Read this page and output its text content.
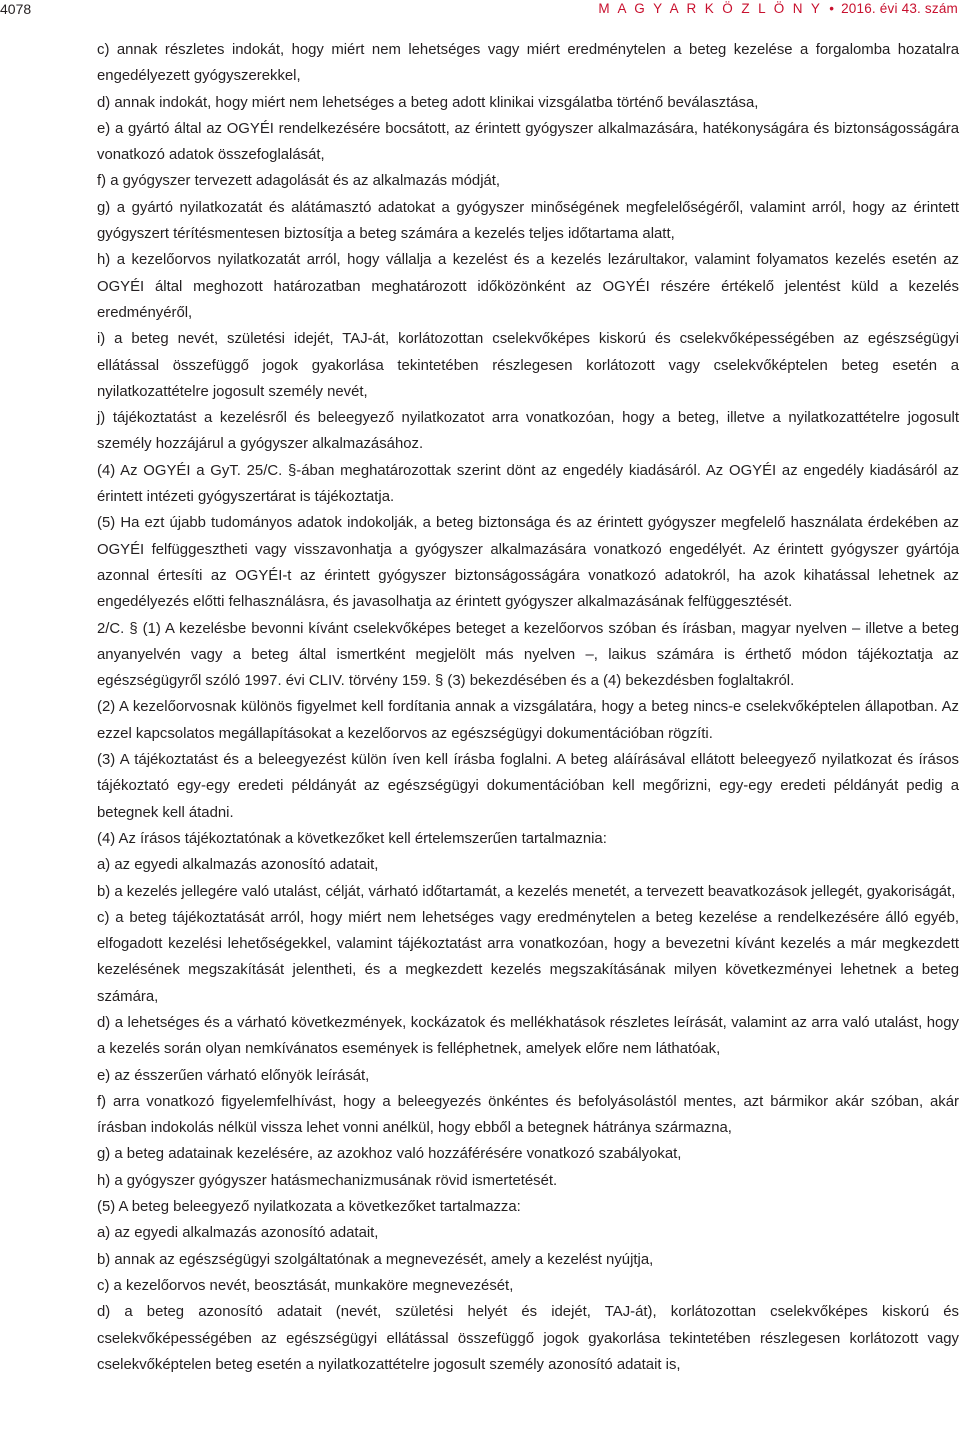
4078	M A G Y A R K Ö Z L Ö N Y • 2016. évi 43. szám

c) annak részletes indokát, hogy miért nem lehetséges vagy miért eredménytelen a beteg kezelése a forgalomba hozatalra engedélyezett gyógyszerekkel,

d) annak indokát, hogy miért nem lehetséges a beteg adott klinikai vizsgálatba történő beválasztása,

e) a gyártó által az OGYÉI rendelkezésére bocsátott, az érintett gyógyszer alkalmazására, hatékonyságára és biztonságosságára vonatkozó adatok összefoglalását,

f) a gyógyszer tervezett adagolását és az alkalmazás módját,

g) a gyártó nyilatkozatát és alátámasztó adatokat a gyógyszer minőségének megfelelőségéről, valamint arról, hogy az érintett gyógyszert térítésmentesen biztosítja a beteg számára a kezelés teljes időtartama alatt,

h) a kezelőorvos nyilatkozatát arról, hogy vállalja a kezelést és a kezelés lezárultakor, valamint folyamatos kezelés esetén az OGYÉI által meghozott határozatban meghatározott időközönként az OGYÉI részére értékelő jelentést küld a kezelés eredményéről,

i) a beteg nevét, születési idejét, TAJ-át, korlátozottan cselekvőképes kiskorú és cselekvőképességében az egészségügyi ellátással összefüggő jogok gyakorlása tekintetében részlegesen korlátozott vagy cselekvőképtelen beteg esetén a nyilatkozattételre jogosult személy nevét,

j) tájékoztatást a kezelésről és beleegyező nyilatkozatot arra vonatkozóan, hogy a beteg, illetve a nyilatkozattételre jogosult személy hozzájárul a gyógyszer alkalmazásához.

(4) Az OGYÉI a GyT. 25/C. §-ában meghatározottak szerint dönt az engedély kiadásáról. Az OGYÉI az engedély kiadásáról az érintett intézeti gyógyszertárat is tájékoztatja.

(5) Ha ezt újabb tudományos adatok indokolják, a beteg biztonsága és az érintett gyógyszer megfelelő használata érdekében az OGYÉI felfüggesztheti vagy visszavonhatja a gyógyszer alkalmazására vonatkozó engedélyét. Az érintett gyógyszer gyártója azonnal értesíti az OGYÉI-t az érintett gyógyszer biztonságosságára vonatkozó adatokról, ha azok kihatással lehetnek az engedélyezés előtti felhasználásra, és javasolhatja az érintett gyógyszer alkalmazásának felfüggesztését.

2/C. § (1) A kezelésbe bevonni kívánt cselekvőképes beteget a kezelőorvos szóban és írásban, magyar nyelven – illetve a beteg anyanyelvén vagy a beteg által ismertként megjelölt más nyelven –, laikus számára is érthető módon tájékoztatja az egészségügyről szóló 1997. évi CLIV. törvény 159. § (3) bekezdésében és a (4) bekezdésben foglaltakról.

(2) A kezelőorvosnak különös figyelmet kell fordítania annak a vizsgálatára, hogy a beteg nincs-e cselekvőképtelen állapotban. Az ezzel kapcsolatos megállapításokat a kezelőorvos az egészségügyi dokumentációban rögzíti.

(3) A tájékoztatást és a beleegyezést külön íven kell írásba foglalni. A beteg aláírásával ellátott beleegyező nyilatkozat és írásos tájékoztató egy-egy eredeti példányát az egészségügyi dokumentációban kell megőrizni, egy-egy eredeti példányát pedig a betegnek kell átadni.

(4) Az írásos tájékoztatónak a következőket kell értelemszerűen tartalmaznia:

a) az egyedi alkalmazás azonosító adatait,

b) a kezelés jellegére való utalást, célját, várható időtartamát, a kezelés menetét, a tervezett beavatkozások jellegét, gyakoriságát,

c) a beteg tájékoztatását arról, hogy miért nem lehetséges vagy eredménytelen a beteg kezelése a rendelkezésére álló egyéb, elfogadott kezelési lehetőségekkel, valamint tájékoztatást arra vonatkozóan, hogy a bevezetni kívánt kezelés a már megkezdett kezelésének megszakítását jelentheti, és a megkezdett kezelés megszakításának milyen következményei lehetnek a beteg számára,

d) a lehetséges és a várható következmények, kockázatok és mellékhatások részletes leírását, valamint az arra való utalást, hogy a kezelés során olyan nemkívánatos események is felléphetnek, amelyek előre nem láthatóak,

e) az ésszerűen várható előnyök leírását,

f) arra vonatkozó figyelemfelhívást, hogy a beleegyezés önkéntes és befolyásolástól mentes, azt bármikor akár szóban, akár írásban indokolás nélkül vissza lehet vonni anélkül, hogy ebből a betegnek hátránya származna,

g) a beteg adatainak kezelésére, az azokhoz való hozzáférésére vonatkozó szabályokat,

h) a gyógyszer gyógyszer hatásmechanizmusának rövid ismertetését.

(5) A beteg beleegyező nyilatkozata a következőket tartalmazza:

a) az egyedi alkalmazás azonosító adatait,

b) annak az egészségügyi szolgáltatónak a megnevezését, amely a kezelést nyújtja,

c) a kezelőorvos nevét, beosztását, munkaköre megnevezését,

d) a beteg azonosító adatait (nevét, születési helyét és idejét, TAJ-át), korlátozottan cselekvőképes kiskorú és cselekvőképességében az egészségügyi ellátással összefüggő jogok gyakorlása tekintetében részlegesen korlátozott vagy cselekvőképtelen beteg esetén a nyilatkozattételre jogosult személy azonosító adatait is,
